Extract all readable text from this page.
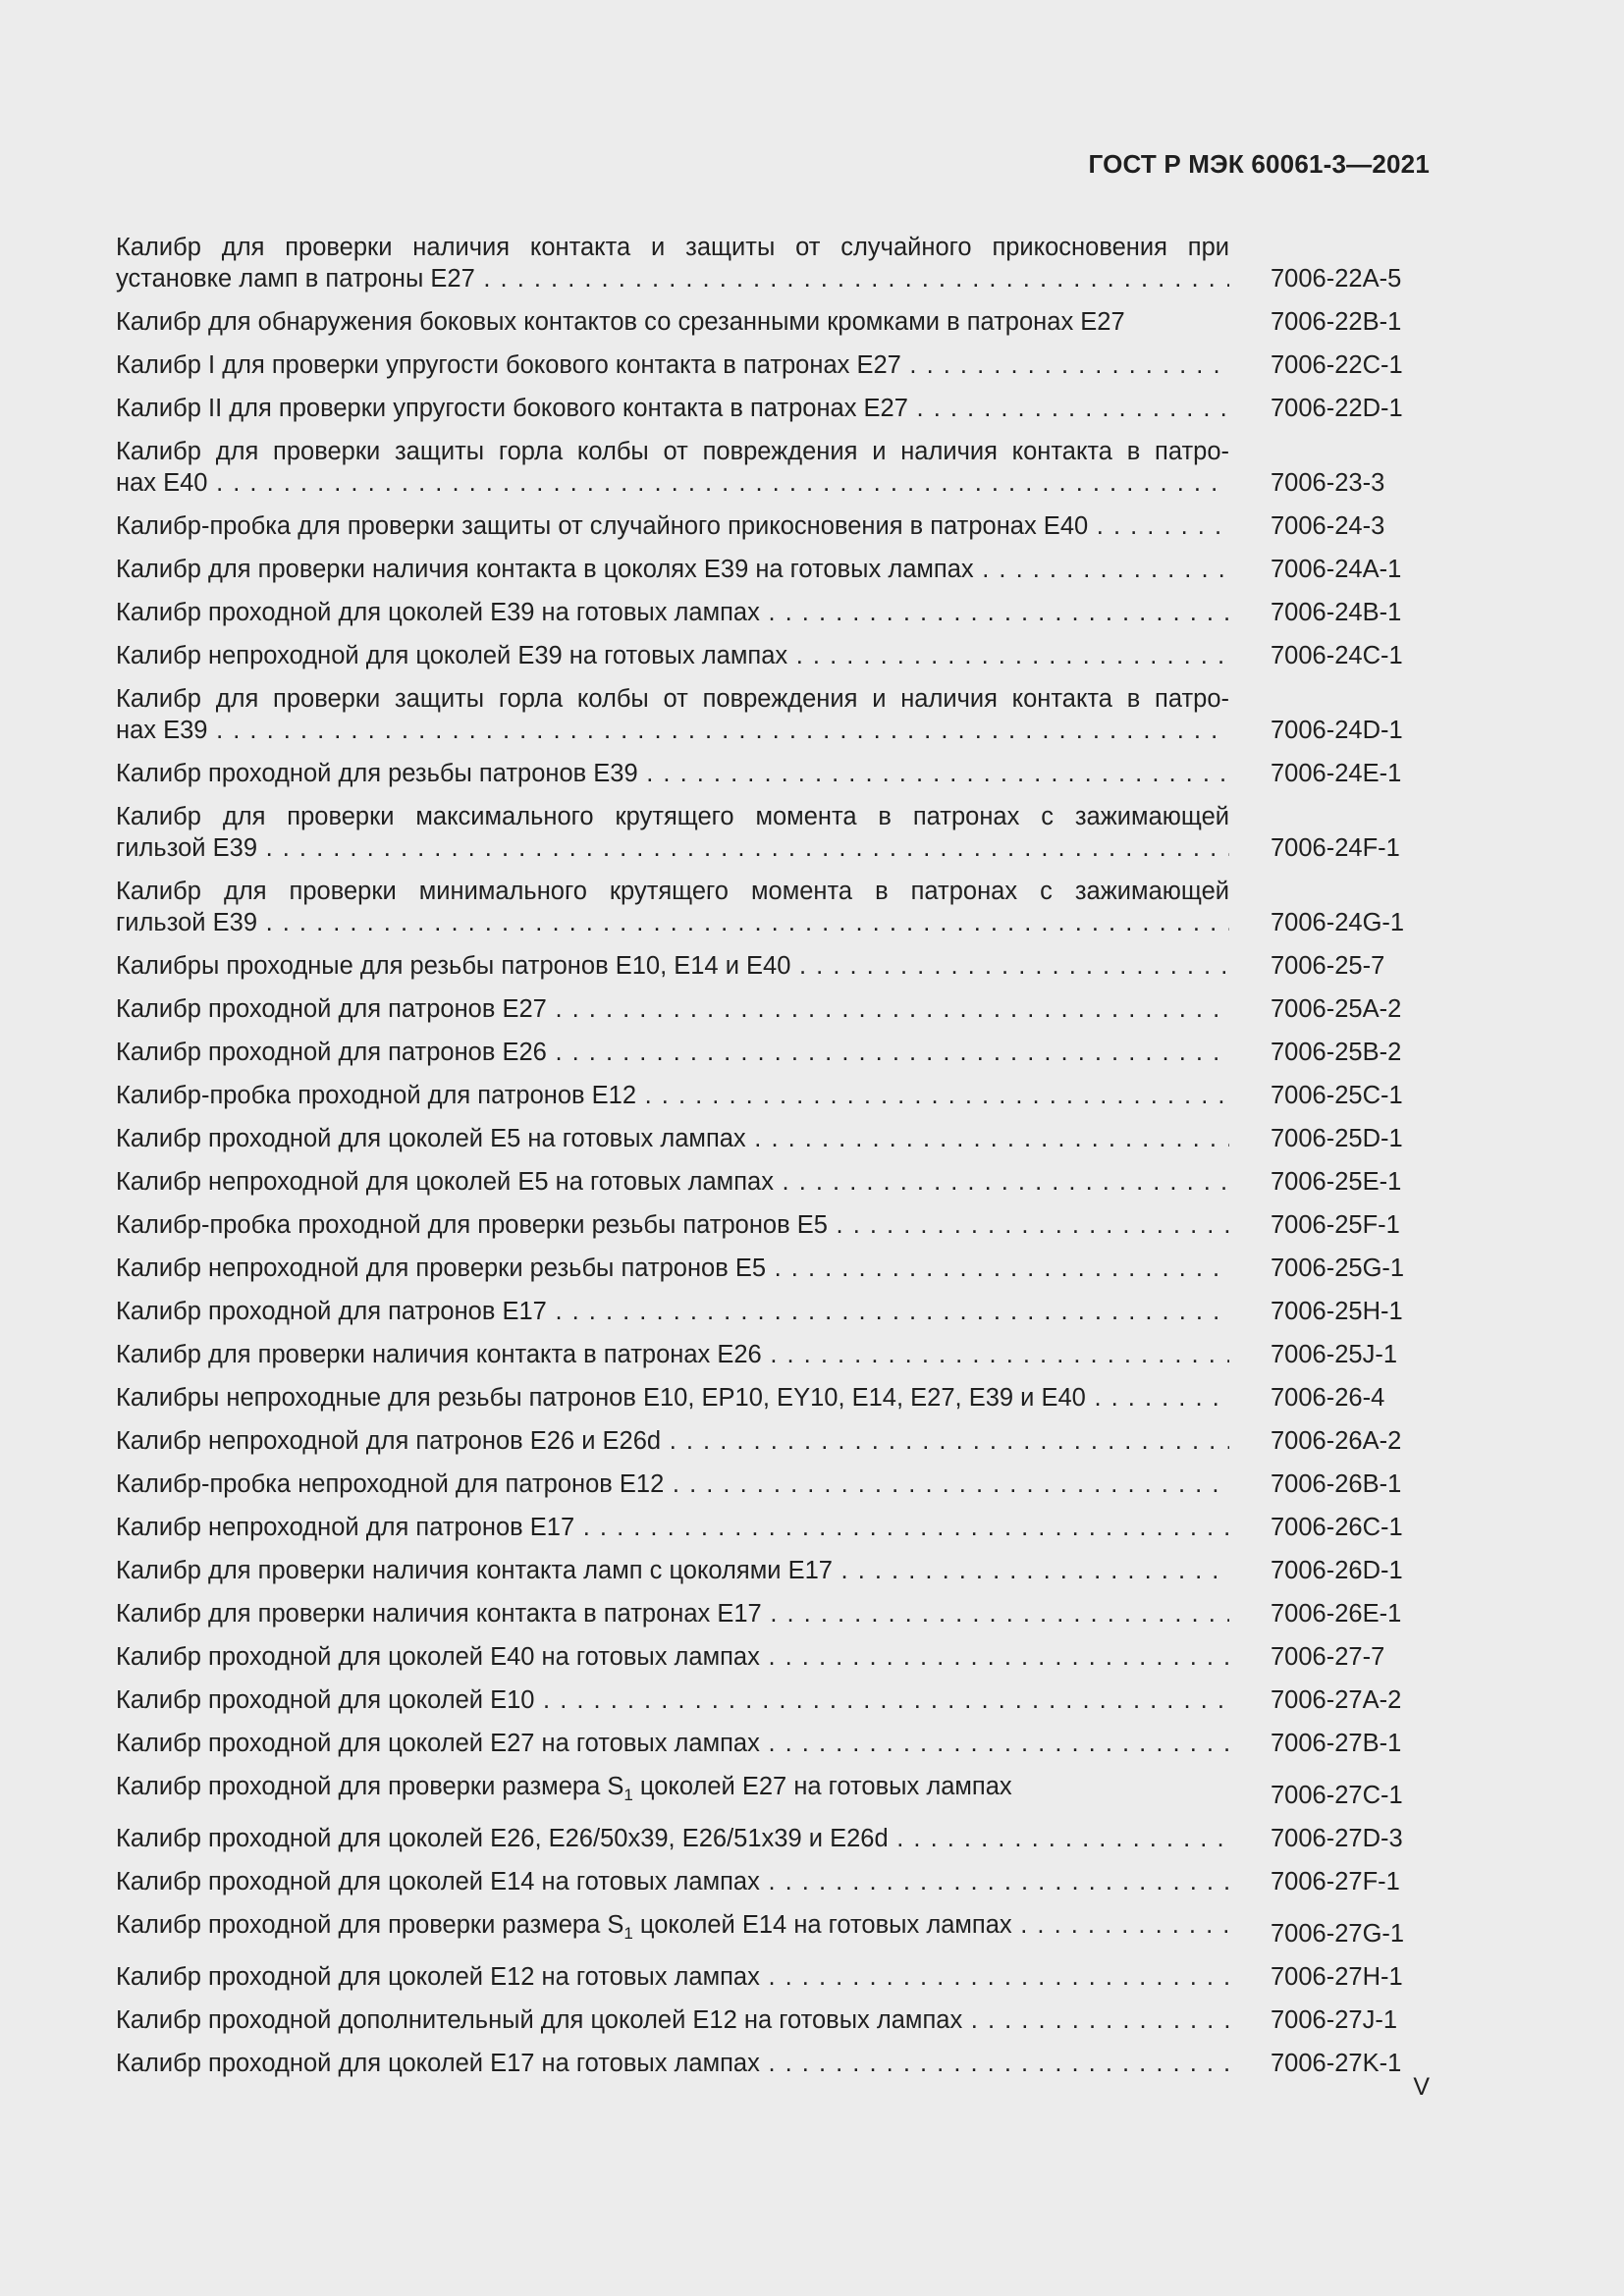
ГОСТ Р МЭК 60061-3—2021
Калибр для проверки наличия контакта и защиты от случайного прикосновения при
установке ламп в патроны E27 . . .	7006-22A-5
Калибр для обнаружения боковых контактов со срезанными кромками в патронах E27	7006-22B-1
Калибр I для проверки упругости бокового контакта в патронах E27 . . .	7006-22C-1
Калибр II для проверки упругости бокового контакта в патронах E27 . . .	7006-22D-1
Калибр для проверки защиты горла колбы от повреждения и наличия контакта в патро-
нах E40 . . .	7006-23-3
Калибр-пробка для проверки защиты от случайного прикосновения в патронах E40 . . .	7006-24-3
Калибр для проверки наличия контакта в цоколях E39 на готовых лампах . . .	7006-24A-1
Калибр проходной для цоколей E39 на готовых лампах . . .	7006-24B-1
Калибр непроходной для цоколей E39 на готовых лампах . . .	7006-24C-1
Калибр для проверки защиты горла колбы от повреждения и наличия контакта в патро-
нах E39 . . .	7006-24D-1
Калибр проходной для резьбы патронов E39 . . .	7006-24E-1
Калибр для проверки максимального крутящего момента в патронах с зажимающей
гильзой E39 . . .	7006-24F-1
Калибр для проверки минимального крутящего момента в патронах с зажимающей
гильзой E39 . . .	7006-24G-1
Калибры проходные для резьбы патронов E10, E14 и E40 . . .	7006-25-7
Калибр проходной для патронов E27 . . .	7006-25A-2
Калибр проходной для патронов E26 . . .	7006-25B-2
Калибр-пробка проходной для патронов E12 . . .	7006-25C-1
Калибр проходной для цоколей E5 на готовых лампах . . .	7006-25D-1
Калибр непроходной для цоколей E5 на готовых лампах . . .	7006-25E-1
Калибр-пробка проходной для проверки резьбы патронов E5 . . .	7006-25F-1
Калибр непроходной для проверки резьбы патронов E5 . . .	7006-25G-1
Калибр проходной для патронов E17 . . .	7006-25H-1
Калибр для проверки наличия контакта в патронах E26 . . .	7006-25J-1
Калибры непроходные для резьбы патронов E10, EP10, EY10, E14, E27, E39 и E40 . . .	7006-26-4
Калибр непроходной для патронов E26 и E26d . . .	7006-26A-2
Калибр-пробка непроходной для патронов E12 . . .	7006-26B-1
Калибр непроходной для патронов E17 . . .	7006-26C-1
Калибр для проверки наличия контакта ламп с цоколями E17 . . .	7006-26D-1
Калибр для проверки наличия контакта в патронах E17 . . .	7006-26E-1
Калибр проходной для цоколей E40 на готовых лампах . . .	7006-27-7
Калибр проходной для цоколей E10 . . .	7006-27A-2
Калибр проходной для цоколей E27 на готовых лампах . . .	7006-27B-1
Калибр проходной для проверки размера $S_1$ цоколей E27 на готовых лампах	7006-27C-1
Калибр проходной для цоколей E26, E26/50x39, E26/51x39 и E26d . . .	7006-27D-3
Калибр проходной для цоколей E14 на готовых лампах . . .	7006-27F-1
Калибр проходной для проверки размера $S_1$ цоколей E14 на готовых лампах . . .	7006-27G-1
Калибр проходной для цоколей E12 на готовых лампах . . .	7006-27H-1
Калибр проходной дополнительный для цоколей E12 на готовых лампах . . .	7006-27J-1
Калибр проходной для цоколей E17 на готовых лампах . . .	7006-27K-1
V
